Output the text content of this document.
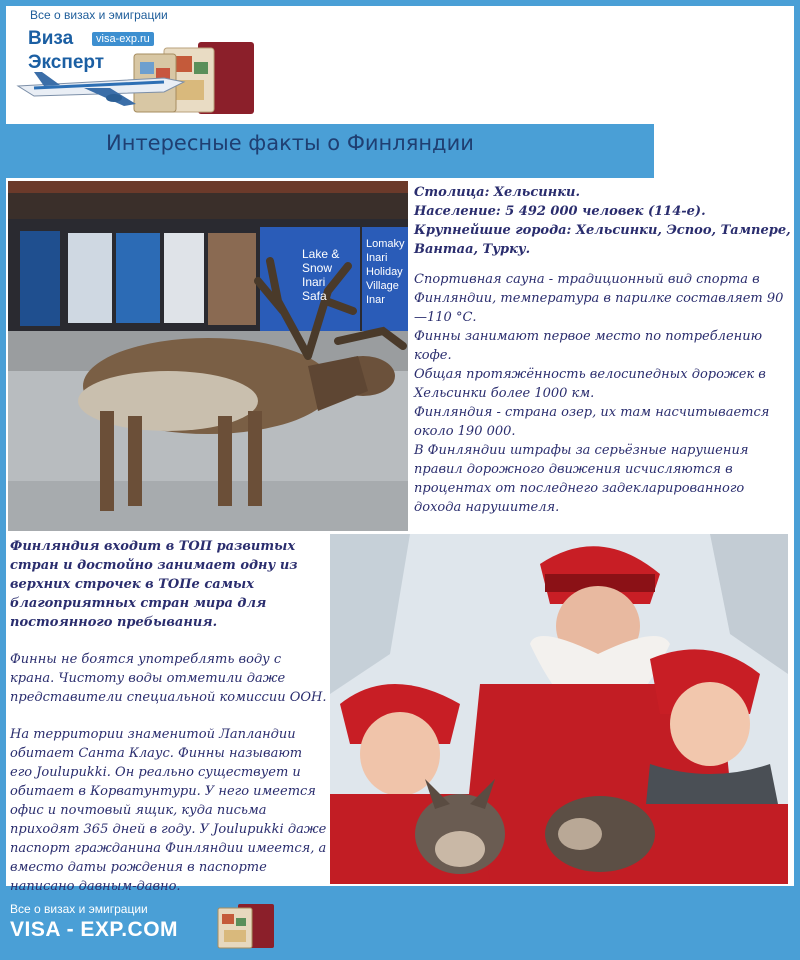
Все о визах и эмиграции
Виза
Эксперт
visa-exp.ru
Интересные факты о Финляндии
Lake &
Snow
Inari
Safa
Lomaky
Inari
Holiday
Village
Inar

Столица: Хельсинки.

Население: 5 492 000 человек (114-е).

Крупнейшие города: Хельсинки, Эспоо, Тампере, Вантаа, Турку.

Спортивная сауна - традиционный вид спорта в Финляндии, температура в парилке составляет 90—110 °С.

Финны занимают первое место по потреблению кофе.

Общая протяжённость велосипедных дорожек в Хельсинки более 1000 км.

Финляндия - страна озер, их там насчитывается около 190 000.

В Финляндии штрафы за серьёзные нарушения правил дорожного движения исчисляются в процентах от последнего задекларированного дохода нарушителя.

Финляндия входит в ТОП развитых стран и достойно занимает одну из верхних строчек в ТОПе самых благоприятных стран мира для постоянного пребывания.

Финны не боятся употреблять воду с крана. Чистоту воды отметили даже представители специальной комиссии ООН.

На территории знаменитой Лапландии обитает Санта Клаус. Финны называют его Joulupukki. Он реально существует и обитает в Корватунтури. У него имеется офис и почтовый ящик, куда письма приходят 365 дней в году. У Joulupukki даже паспорт гражданина Финляндии имеется, а вместо даты рождения в паспорте написано давным-давно.

Все о визах и эмиграции
VISA - EXP.COM
